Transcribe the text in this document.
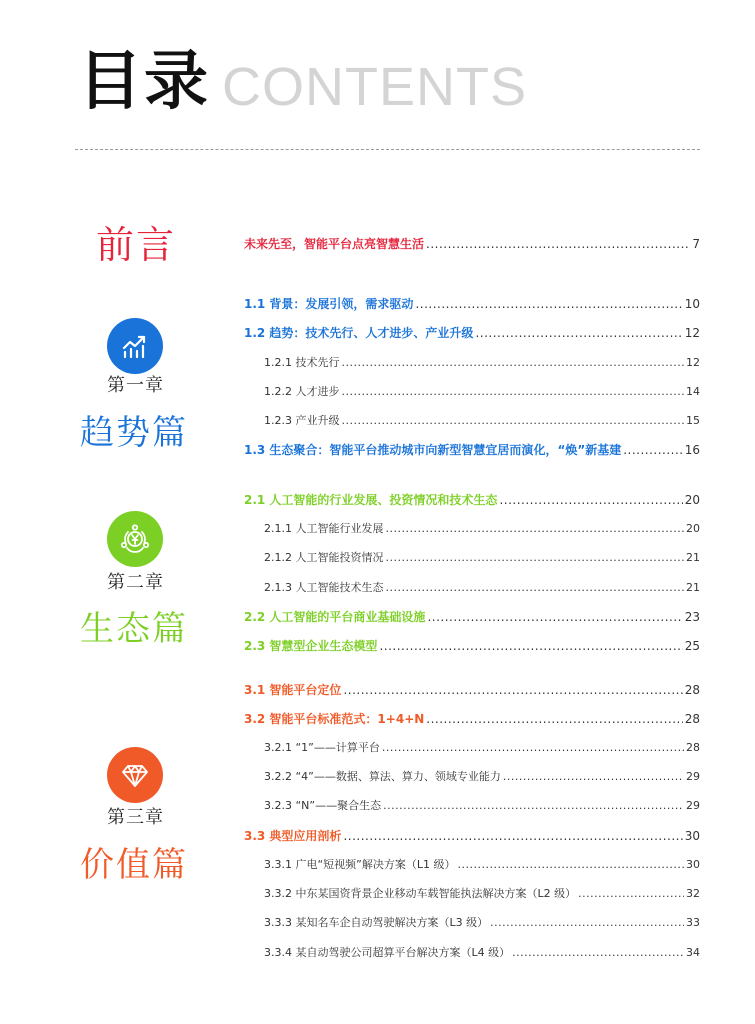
目录 CONTENTS
前言
第一章
趋势篇
第二章
生态篇
第三章
价值篇
未来先至，智能平台点亮智慧生活 .....	7
1.1 背景：发展引领，需求驱动 .....	10
1.2 趋势：技术先行、人才进步、产业升级 .....	12
1.2.1 技术先行 .....	12
1.2.2 人才进步 .....	14
1.2.3 产业升级 .....	15
1.3 生态聚合：智能平台推动城市向新型智慧宜居而演化，“焕”新基建 .....	16
2.1 人工智能的行业发展、投资情况和技术生态 .....	20
2.1.1 人工智能行业发展 .....	20
2.1.2 人工智能投资情况 .....	21
2.1.3 人工智能技术生态 .....	21
2.2 人工智能的平台商业基础设施 .....	23
2.3 智慧型企业生态模型 .....	25
3.1 智能平台定位 .....	28
3.2 智能平台标准范式：1+4+N .....	28
3.2.1 “1”——计算平台 .....	28
3.2.2 “4”——数据、算法、算力、领域专业能力 .....	29
3.2.3 “N”——聚合生态 .....	29
3.3 典型应用剖析 .....	30
3.3.1 广电“短视频”解决方案（L1 级） .....	30
3.3.2 中东某国资背景企业移动车载智能执法解决方案（L2 级） .....	32
3.3.3 某知名车企自动驾驶解决方案（L3 级） .....	33
3.3.4 某自动驾驶公司超算平台解决方案（L4 级） .....	34
